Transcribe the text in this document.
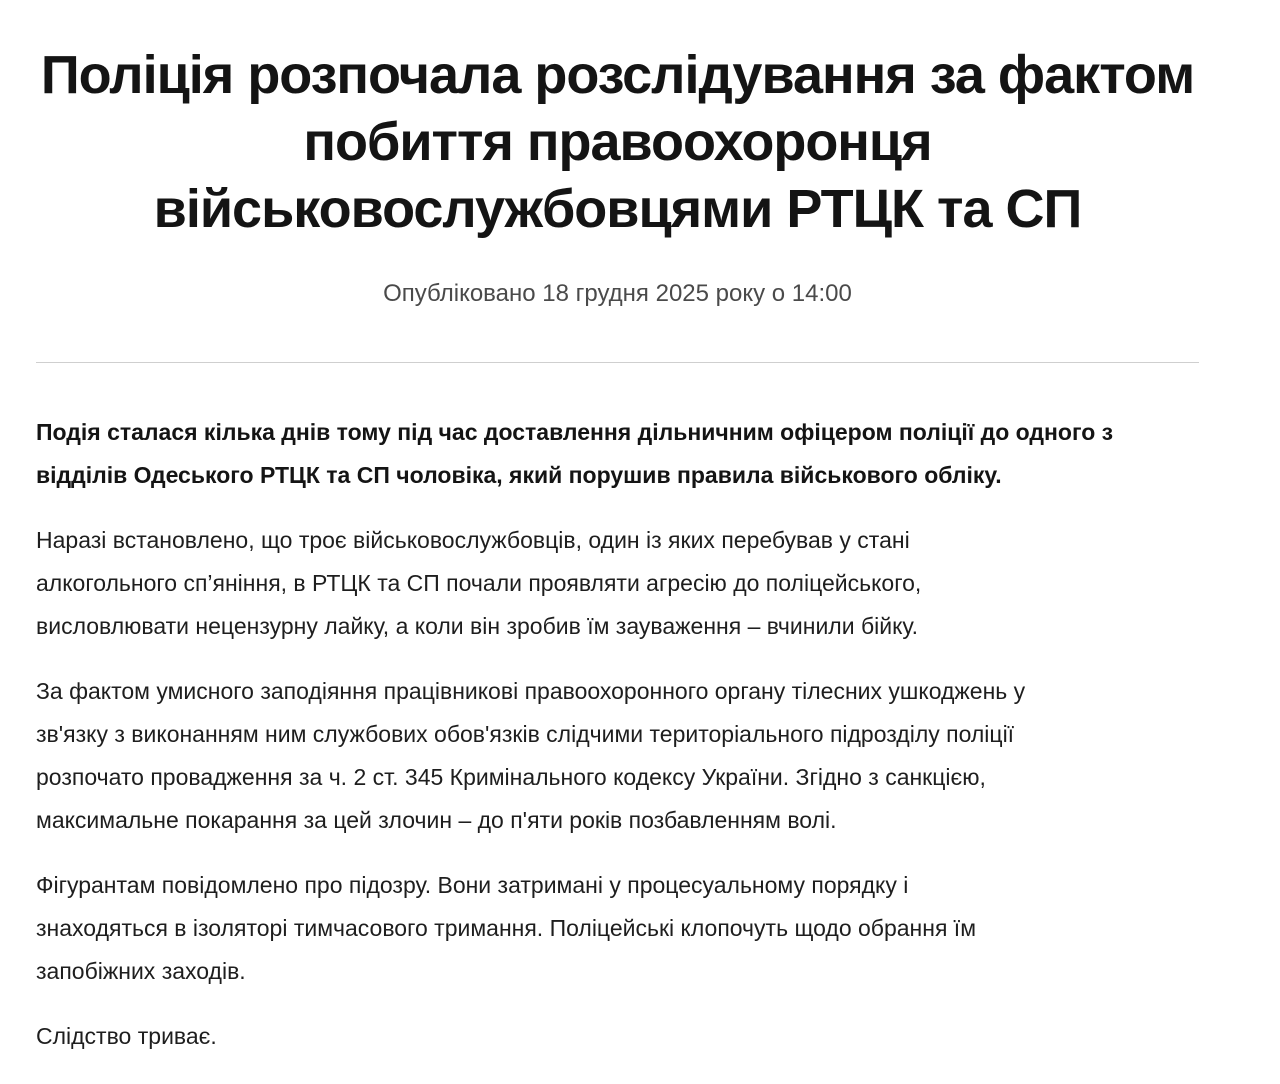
Поліція розпочала розслідування за фактом
побиття правоохоронця
військовослужбовцями РТЦК та СП
Опубліковано 18 грудня 2025 року о 14:00

Подія сталася кілька днів тому під час доставлення дільничним офіцером поліції до одного з
відділів Одеського РТЦК та СП чоловіка, який порушив правила військового обліку.

Наразі встановлено, що троє військовослужбовців, один із яких перебував у стані
алкогольного сп’яніння, в РТЦК та СП почали проявляти агресію до поліцейського,
висловлювати нецензурну лайку, а коли він зробив їм зауваження – вчинили бійку.

За фактом умисного заподіяння працівникові правоохоронного органу тілесних ушкоджень у
зв'язку з виконанням ним службових обов'язків слідчими територіального підрозділу поліції
розпочато провадження за ч. 2 ст. 345 Кримінального кодексу України. Згідно з санкцією,
максимальне покарання за цей злочин – до п'яти років позбавленням волі.

Фігурантам повідомлено про підозру. Вони затримані у процесуальному порядку і
знаходяться в ізоляторі тимчасового тримання. Поліцейські клопочуть щодо обрання їм
запобіжних заходів.

Слідство триває.
